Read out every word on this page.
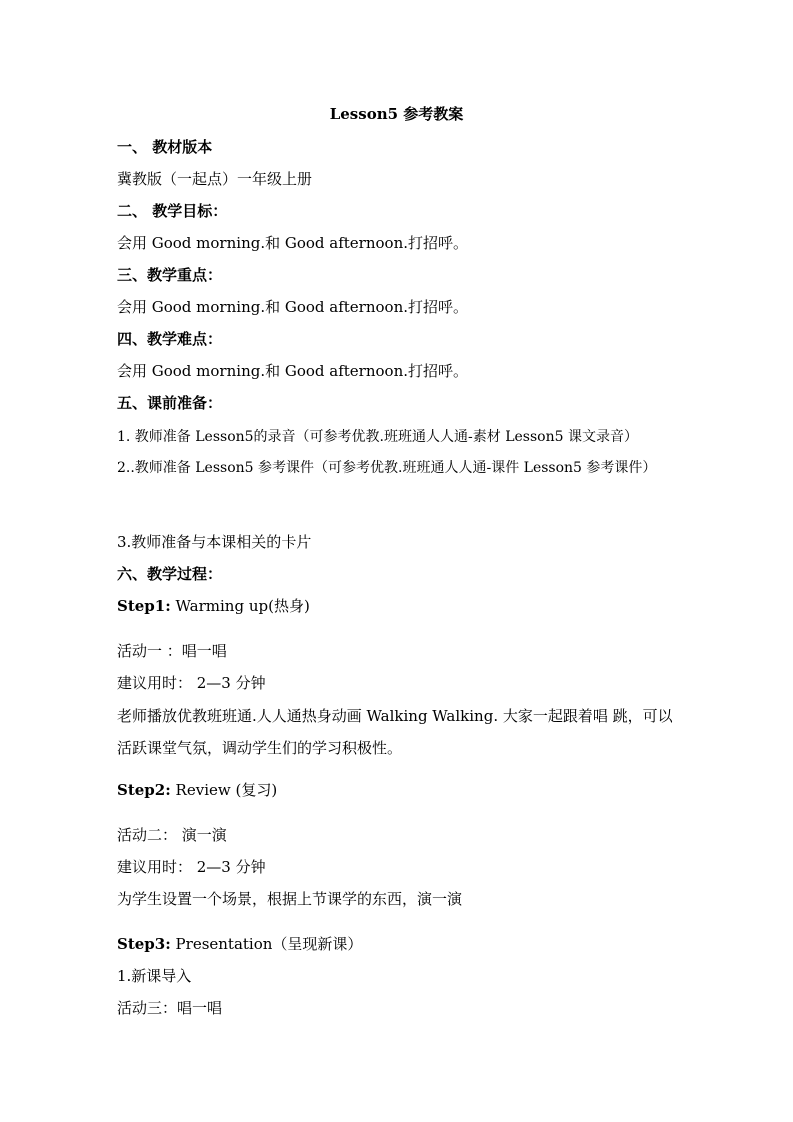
Lesson5 参考教案
一、 教材版本
冀教版（一起点）一年级上册
二、 教学目标：
会用 Good morning.和 Good afternoon.打招呼。
三、教学重点：
会用 Good morning.和 Good afternoon.打招呼。
四、教学难点：
会用 Good morning.和 Good afternoon.打招呼。
五、课前准备：
1. 教师准备 Lesson5的录音（可参考优教.班班通人人通-素材 Lesson5 课文录音）
2..教师准备 Lesson5 参考课件（可参考优教.班班通人人通-课件 Lesson5 参考课件）
3.教师准备与本课相关的卡片
六、教学过程：
Step1: Warming up(热身)
活动一 ：唱一唱
建议用时： 2—3 分钟
老师播放优教班班通.人人通热身动画 Walking Walking. 大家一起跟着唱 跳，可以活跃课堂气氛，调动学生们的学习积极性。
Step2: Review (复习)
活动二： 演一演
建议用时： 2—3 分钟
为学生设置一个场景，根据上节课学的东西，演一演
Step3: Presentation（呈现新课）
1.新课导入
活动三：唱一唱
